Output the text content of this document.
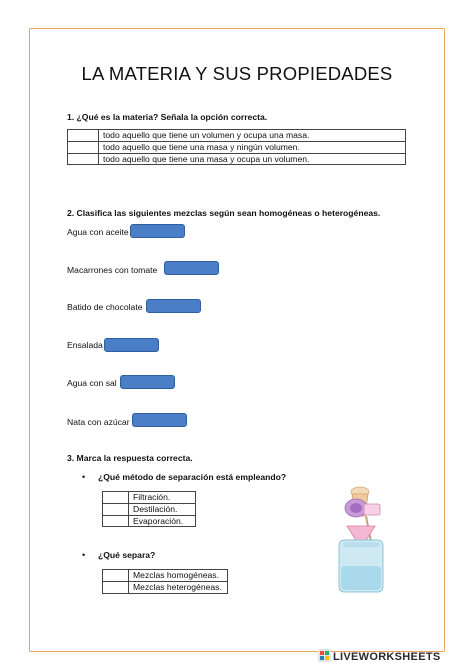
LA MATERIA Y SUS PROPIEDADES
1. ¿Qué es la materia? Señala la opción correcta.
	todo aquello que tiene un volumen y ocupa una masa.
	todo aquello que tiene una masa y ningún volumen.
	todo aquello que tiene una masa y ocupa un volumen.
2. Clasifica las siguientes mezclas según sean homogéneas o heterogéneas.
Agua con aceite
Macarrones con tomate
Batido de chocolate
Ensalada
Agua con sal
Nata con azúcar
3. Marca la respuesta correcta.
• ¿Qué método de separación está empleando?
	Filtración.
	Destilación.
	Evaporación.
• ¿Qué separa?
	Mezclas homogéneas.
	Mezclas heterogéneas.
LIVEWORKSHEETS
